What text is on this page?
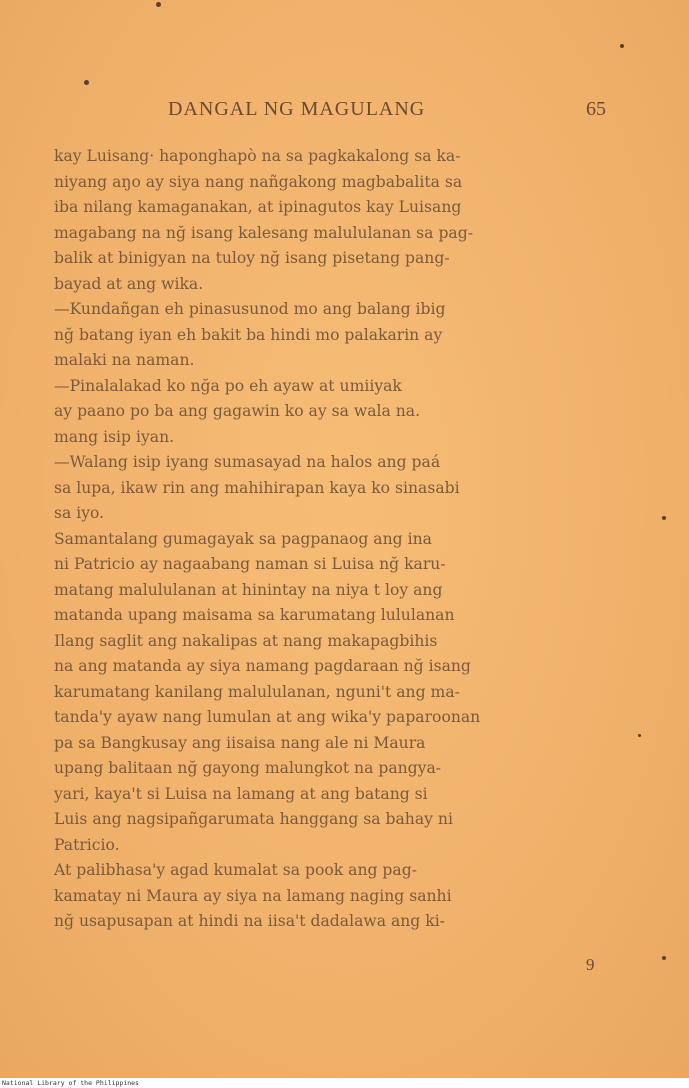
DANGAL NG MAGULANG	65
kay Luisang· haponghapò na sa pagkakalong sa ka-
niyang aŋo ay siya nang nañgakong magbabalita sa
iba nilang kamaganakan, at ipinagutos kay Luisang
magabang na nğ isang kalesang malululanan sa pag-
balik at binigyan na tuloy nğ isang pisetang pang-
bayad at ang wika.
—Kundañgan eh pinasusunod mo ang balang ibig
nğ batang iyan eh bakit ba hindi mo palakarin ay
malaki na naman.
—Pinalalakad ko nğa po eh ayaw at umiiyak
ay paano po ba ang gagawin ko ay sa wala na.
mang isip iyan.
—Walang isip iyang sumasayad na halos ang paá
sa lupa, ikaw rin ang mahihirapan kaya ko sinasabi
sa iyo.
Samantalang gumagayak sa pagpanaog ang ina
ni Patricio ay nagaabang naman si Luisa nğ karu-
matang malululanan at hinintay na niya t loy ang
matanda upang maisama sa karumatang lululanan
Ilang saglit ang nakalipas at nang makapagbihis
na ang matanda ay siya namang pagdaraan nğ isang
karumatang kanilang malululanan, nguni't ang ma-
tanda'y ayaw nang lumulan at ang wika'y paparoonan
pa sa Bangkusay ang iisaisa nang ale ni Maura
upang balitaan nğ gayong malungkot na pangya-
yari, kaya't si Luisa na lamang at ang batang si
Luis ang nagsipañgarumata hanggang sa bahay ni
Patricio.
At palibhasa'y agad kumalat sa pook ang pag-
kamatay ni Maura ay siya na lamang naging sanhi
nğ usapusapan at hindi na iisa't dadalawa ang ki-
9
National Library of the Philippines
